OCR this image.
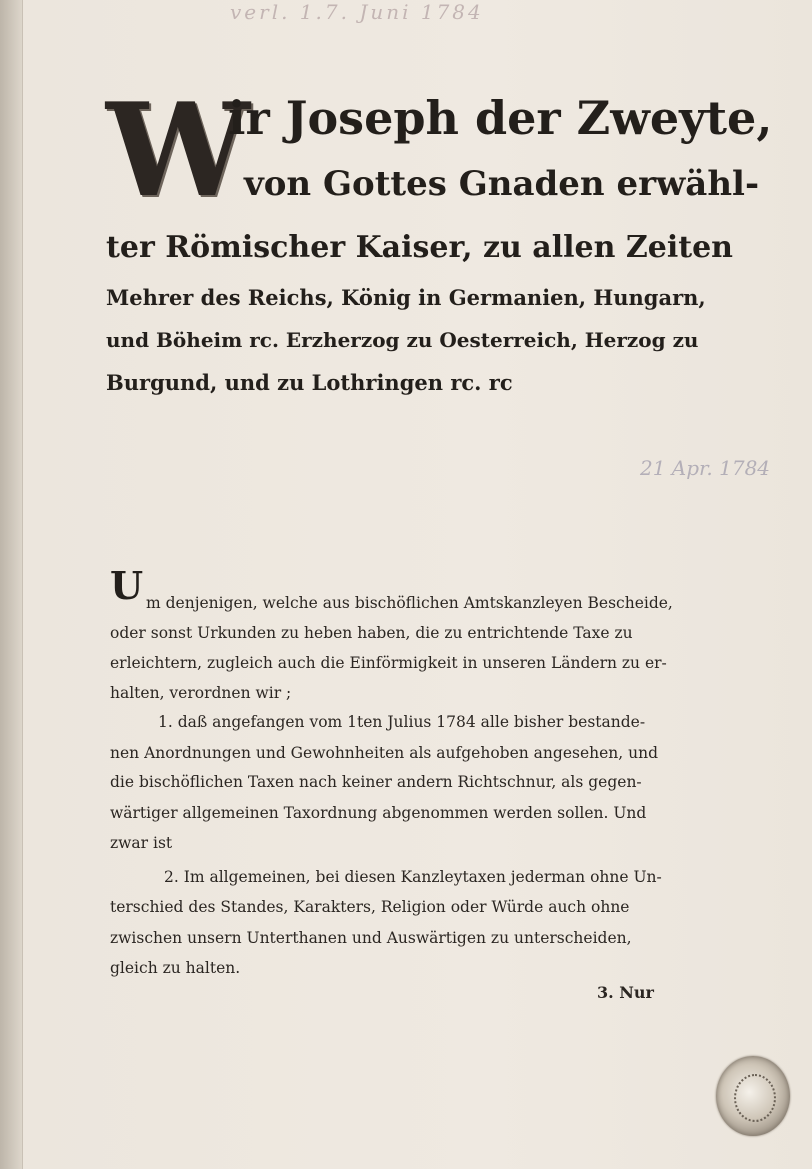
verl. 1.7. Juni 1784

W
ir Joseph der Zweyte,
von Gottes Gnaden erwähl-
ter Römischer Kaiser, zu allen Zeiten
Mehrer des Reichs, König in Germanien, Hungarn,
und Böheim rc. Erzherzog zu Oesterreich, Herzog zu
Burgund, und zu Lothringen rc. rc
21 Apr. 1784
U m denjenigen, welche aus bischöflichen Amtskanzleyen Bescheide,
oder sonst Urkunden zu heben haben, die zu entrichtende Taxe zu
erleichtern, zugleich auch die Einförmigkeit in unseren Ländern zu er-
halten, verordnen wir ;
1. daß angefangen vom 1ten Julius 1784 alle bisher bestande-
nen Anordnungen und Gewohnheiten als aufgehoben angesehen, und
die bischöflichen Taxen nach keiner andern Richtschnur, als gegen-
wärtiger allgemeinen Taxordnung abgenommen werden sollen. Und
zwar ist
2. Im allgemeinen, bei diesen Kanzleytaxen jederman ohne Un-
terschied des Standes, Karakters, Religion oder Würde auch ohne
zwischen unsern Unterthanen und Auswärtigen zu unterscheiden,
gleich zu halten.
3. Nur
